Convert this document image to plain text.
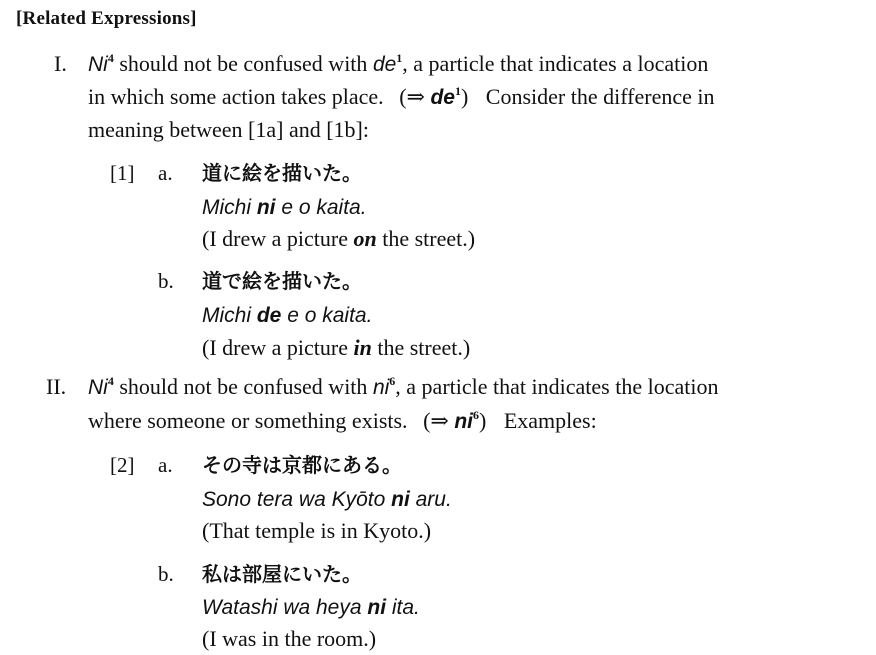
[Related Expressions]
I. Ni$^4$ should not be confused with $de^1$, a particle that indicates a location
in which some action takes place. (⇒ $de^1$) Consider the difference in
meaning between [1a] and [1b]:
[1] a. 道に絵を描いた。
Michi ni e o kaita.
(I drew a picture on the street.)
b. 道で絵を描いた。
Michi de e o kaita.
(I drew a picture in the street.)
II. Ni$^4$ should not be confused with $ni^6$, a particle that indicates the location
where someone or something exists. (⇒ $ni^6$) Examples:
[2] a. その寺は京都にある。
Sono tera wa Kyōto ni aru.
(That temple is in Kyoto.)
b. 私は部屋にいた。
Watashi wa heya ni ita.
(I was in the room.)
